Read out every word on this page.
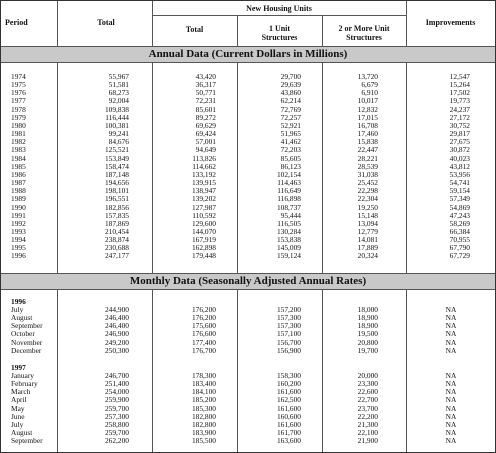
Period	Total
New Housing Units
Total	1 Unit
Structures
2 or More Unit
Structures
Improvements
Annual Data (Current Dollars in Millions)
1974
1975
1976
1977
1978
1979
1980
1981
1982
1983
1984
1985
1986
1987
1988
1989
1990
1991
1992
1993
1994
1995
1996
55,967
51,581
68,273
92,004
109,838
116,444
100,381
99,241
84,676
125,521
153,849
158,474
187,148
194,656
198,101
196,551
182,856
157,835
187,869
210,454
238,874
230,688
247,177
43,420
36,317
50,771
72,231
85,601
89,272
69,629
69,424
57,001
94,649
113,826
114,662
133,192
139,915
138,947
139,202
127,987
110,592
129,600
144,070
167,919
162,898
179,448
29,700
29,639
43,860
62,214
72,769
72,257
52,921
51,965
41,462
72,203
85,605
86,123
102,154
114,463
116,649
116,898
108,737
95,444
116,505
130,284
153,838
145,009
159,124
13,720
6,679
6,910
10,017
12,832
17,015
16,708
17,460
15,838
22,447
28,221
28,539
31,038
25,452
22,298
22,304
19,250
15,148
13,094
12,779
14,081
17,889
20,324
12,547
15,264
17,502
19,773
24,237
27,172
30,752
29,817
27,675
30,872
40,023
43,812
53,956
54,741
59,154
57,349
54,869
47,243
58,269
66,384
70,955
67,790
67,729
Monthly Data (Seasonally Adjusted Annual Rates)
1996
July
August
September
October
November
December
244,900
246,400
246,400
246,900
249,200
250,300
176,200
176,200
175,600
176,600
177,400
176,700
157,200
157,300
157,300
157,100
156,700
156,900
18,000
18,900
18,900
19,500
20,800
19,700
NA
NA
NA
NA
NA
NA
1997
January
February
March
April
May
June
July
August
September
246,700
251,400
254,000
259,900
259,700
257,300
258,800
259,700
262,200
178,300
183,400
184,100
185,200
185,300
182,800
182,800
183,900
185,500
158,300
160,200
161,600
162,500
161,600
160,600
161,600
161,700
163,600
20,000
23,300
22,600
22,700
23,700
22,200
21,300
22,100
21,900
NA
NA
NA
NA
NA
NA
NA
NA
NA
